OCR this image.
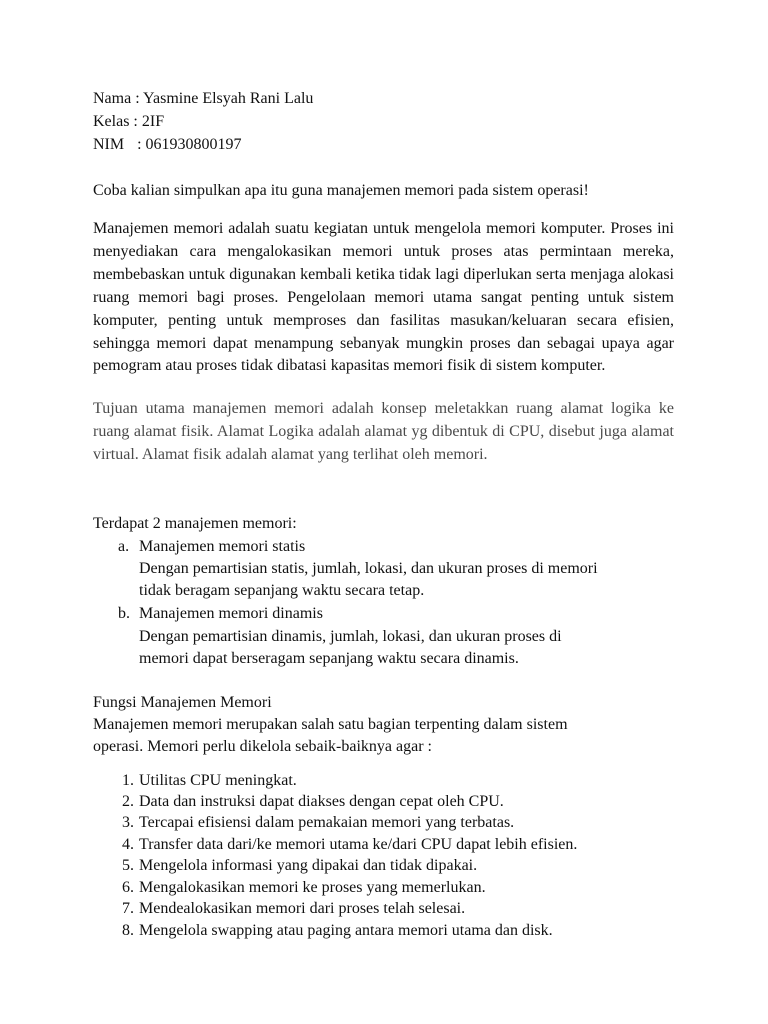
Nama : Yasmine Elsyah Rani Lalu
Kelas : 2IF
NIM : 061930800197
Coba kalian simpulkan apa itu guna manajemen memori pada sistem operasi!

Manajemen memori adalah suatu kegiatan untuk mengelola memori komputer. Proses ini menyediakan cara mengalokasikan memori untuk proses atas permintaan mereka, membebaskan untuk digunakan kembali ketika tidak lagi diperlukan serta menjaga alokasi ruang memori bagi proses. Pengelolaan memori utama sangat penting untuk sistem komputer, penting untuk memproses dan fasilitas masukan/keluaran secara efisien, sehingga memori dapat menampung sebanyak mungkin proses dan sebagai upaya agar pemogram atau proses tidak dibatasi kapasitas memori fisik di sistem komputer.

Tujuan utama manajemen memori adalah konsep meletakkan ruang alamat logika ke ruang alamat fisik. Alamat Logika adalah alamat yg dibentuk di CPU, disebut juga alamat virtual. Alamat fisik adalah alamat yang terlihat oleh memori.

Terdapat 2 manajemen memori:
a. Manajemen memori statis
Dengan pemartisian statis, jumlah, lokasi, dan ukuran proses di memori
tidak beragam sepanjang waktu secara tetap.
b. Manajemen memori dinamis
Dengan pemartisian dinamis, jumlah, lokasi, dan ukuran proses di
memori dapat berseragam sepanjang waktu secara dinamis.
Fungsi Manajemen Memori
Manajemen memori merupakan salah satu bagian terpenting dalam sistem
operasi. Memori perlu dikelola sebaik-baiknya agar :
1. Utilitas CPU meningkat.
2. Data dan instruksi dapat diakses dengan cepat oleh CPU.
3. Tercapai efisiensi dalam pemakaian memori yang terbatas.
4. Transfer data dari/ke memori utama ke/dari CPU dapat lebih efisien.
5. Mengelola informasi yang dipakai dan tidak dipakai.
6. Mengalokasikan memori ke proses yang memerlukan.
7. Mendealokasikan memori dari proses telah selesai.
8. Mengelola swapping atau paging antara memori utama dan disk.
